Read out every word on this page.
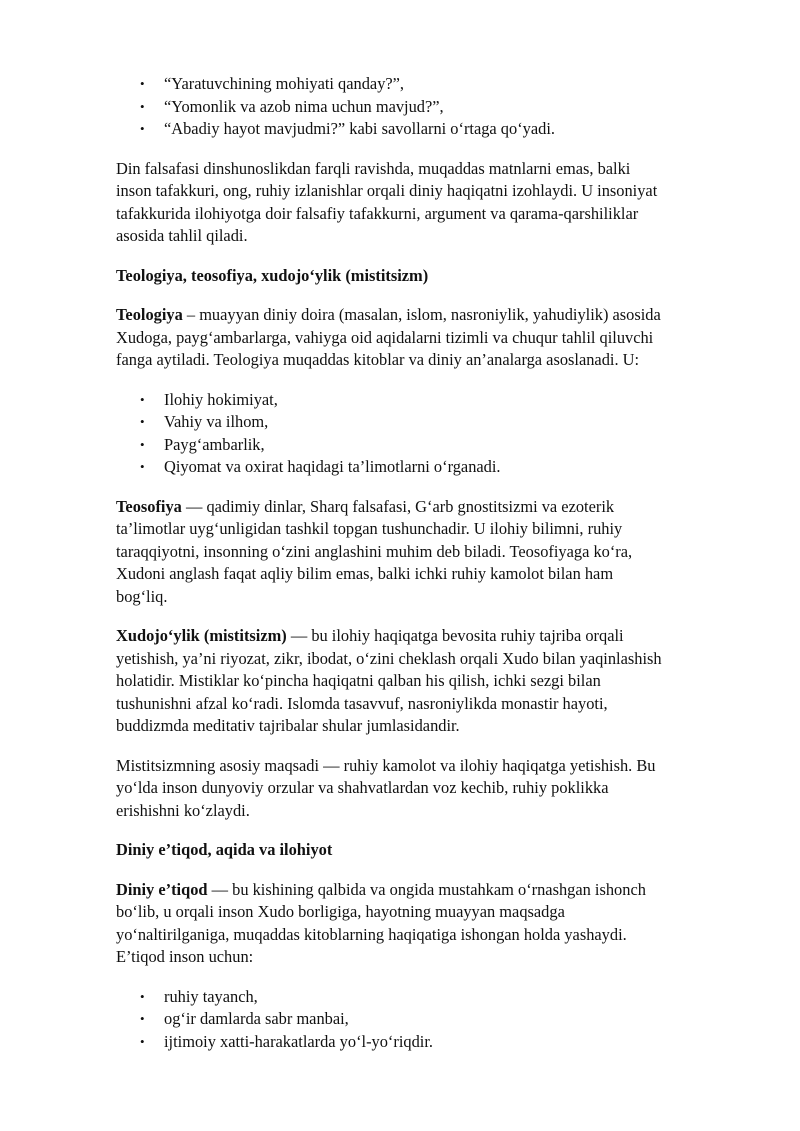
• “Yaratuvchining mohiyati qanday?”,
• “Yomonlik va azob nima uchun mavjud?”,
• “Abadiy hayot mavjudmi?” kabi savollarni o‘rtaga qo‘yadi.

Din falsafasi dinshunoslikdan farqli ravishda, muqaddas matnlarni emas, balki
inson tafakkuri, ong, ruhiy izlanishlar orqali diniy haqiqatni izohlaydi. U insoniyat
tafakkurida ilohiyotga doir falsafiy tafakkurni, argument va qarama-qarshiliklar
asosida tahlil qiladi.

Teologiya, teosofiya, xudojo‘ylik (mistitsizm)

Teologiya – muayyan diniy doira (masalan, islom, nasroniylik, yahudiylik) asosida
Xudoga, payg‘ambarlarga, vahiyga oid aqidalarni tizimli va chuqur tahlil qiluvchi
fanga aytiladi. Teologiya muqaddas kitoblar va diniy an’analarga asoslanadi. U:

• Ilohiy hokimiyat,
• Vahiy va ilhom,
• Payg‘ambarlik,
• Qiyomat va oxirat haqidagi ta’limotlarni o‘rganadi.

Teosofiya — qadimiy dinlar, Sharq falsafasi, G‘arb gnostitsizmi va ezoterik
ta’limotlar uyg‘unligidan tashkil topgan tushunchadir. U ilohiy bilimni, ruhiy
taraqqiyotni, insonning o‘zini anglashini muhim deb biladi. Teosofiyaga ko‘ra,
Xudoni anglash faqat aqliy bilim emas, balki ichki ruhiy kamolot bilan ham
bog‘liq.

Xudojo‘ylik (mistitsizm) — bu ilohiy haqiqatga bevosita ruhiy tajriba orqali
yetishish, ya’ni riyozat, zikr, ibodat, o‘zini cheklash orqali Xudo bilan yaqinlashish
holatidir. Mistiklar ko‘pincha haqiqatni qalban his qilish, ichki sezgi bilan
tushunishni afzal ko‘radi. Islomda tasavvuf, nasroniylikda monastir hayoti,
buddizmda meditativ tajribalar shular jumlasidandir.

Mistitsizmning asosiy maqsadi — ruhiy kamolot va ilohiy haqiqatga yetishish. Bu
yo‘lda inson dunyoviy orzular va shahvatlardan voz kechib, ruhiy poklikka
erishishni ko‘zlaydi.

Diniy e’tiqod, aqida va ilohiyot

Diniy e’tiqod — bu kishining qalbida va ongida mustahkam o‘rnashgan ishonch
bo‘lib, u orqali inson Xudo borligiga, hayotning muayyan maqsadga
yo‘naltirilganiga, muqaddas kitoblarning haqiqatiga ishongan holda yashaydi.
E’tiqod inson uchun:

• ruhiy tayanch,
• og‘ir damlarda sabr manbai,
• ijtimoiy xatti-harakatlarda yo‘l-yo‘riqdir.
